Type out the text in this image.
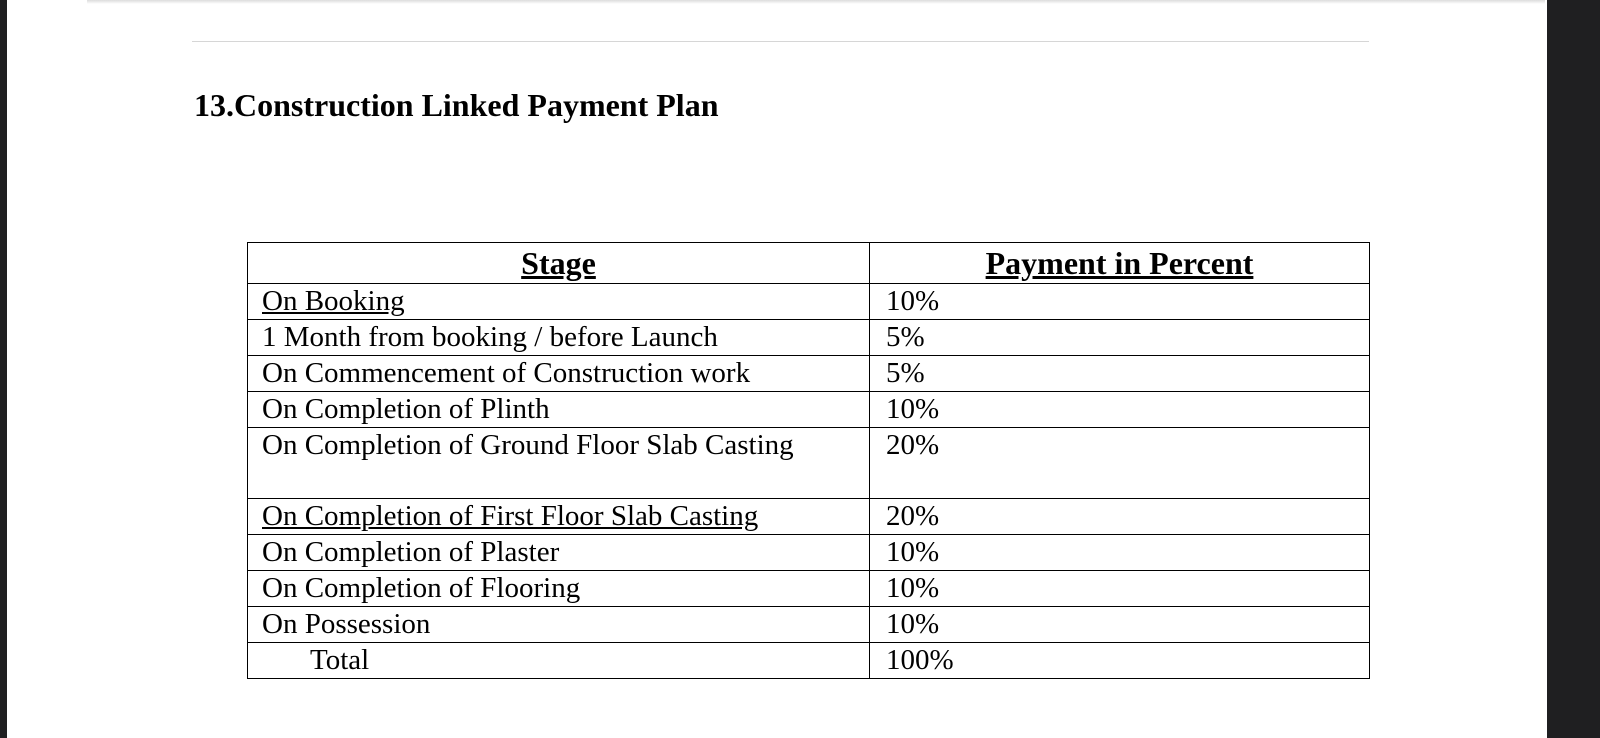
13.Construction Linked Payment Plan
Stage	Payment in Percent
On Booking	10%
1 Month from booking / before Launch	5%
On Commencement of Construction work	5%
On Completion of Plinth	10%
On Completion of Ground Floor Slab Casting	20%
On Completion of First Floor Slab Casting	20%
On Completion of Plaster	10%
On Completion of Flooring	10%
On Possession	10%
Total	100%
